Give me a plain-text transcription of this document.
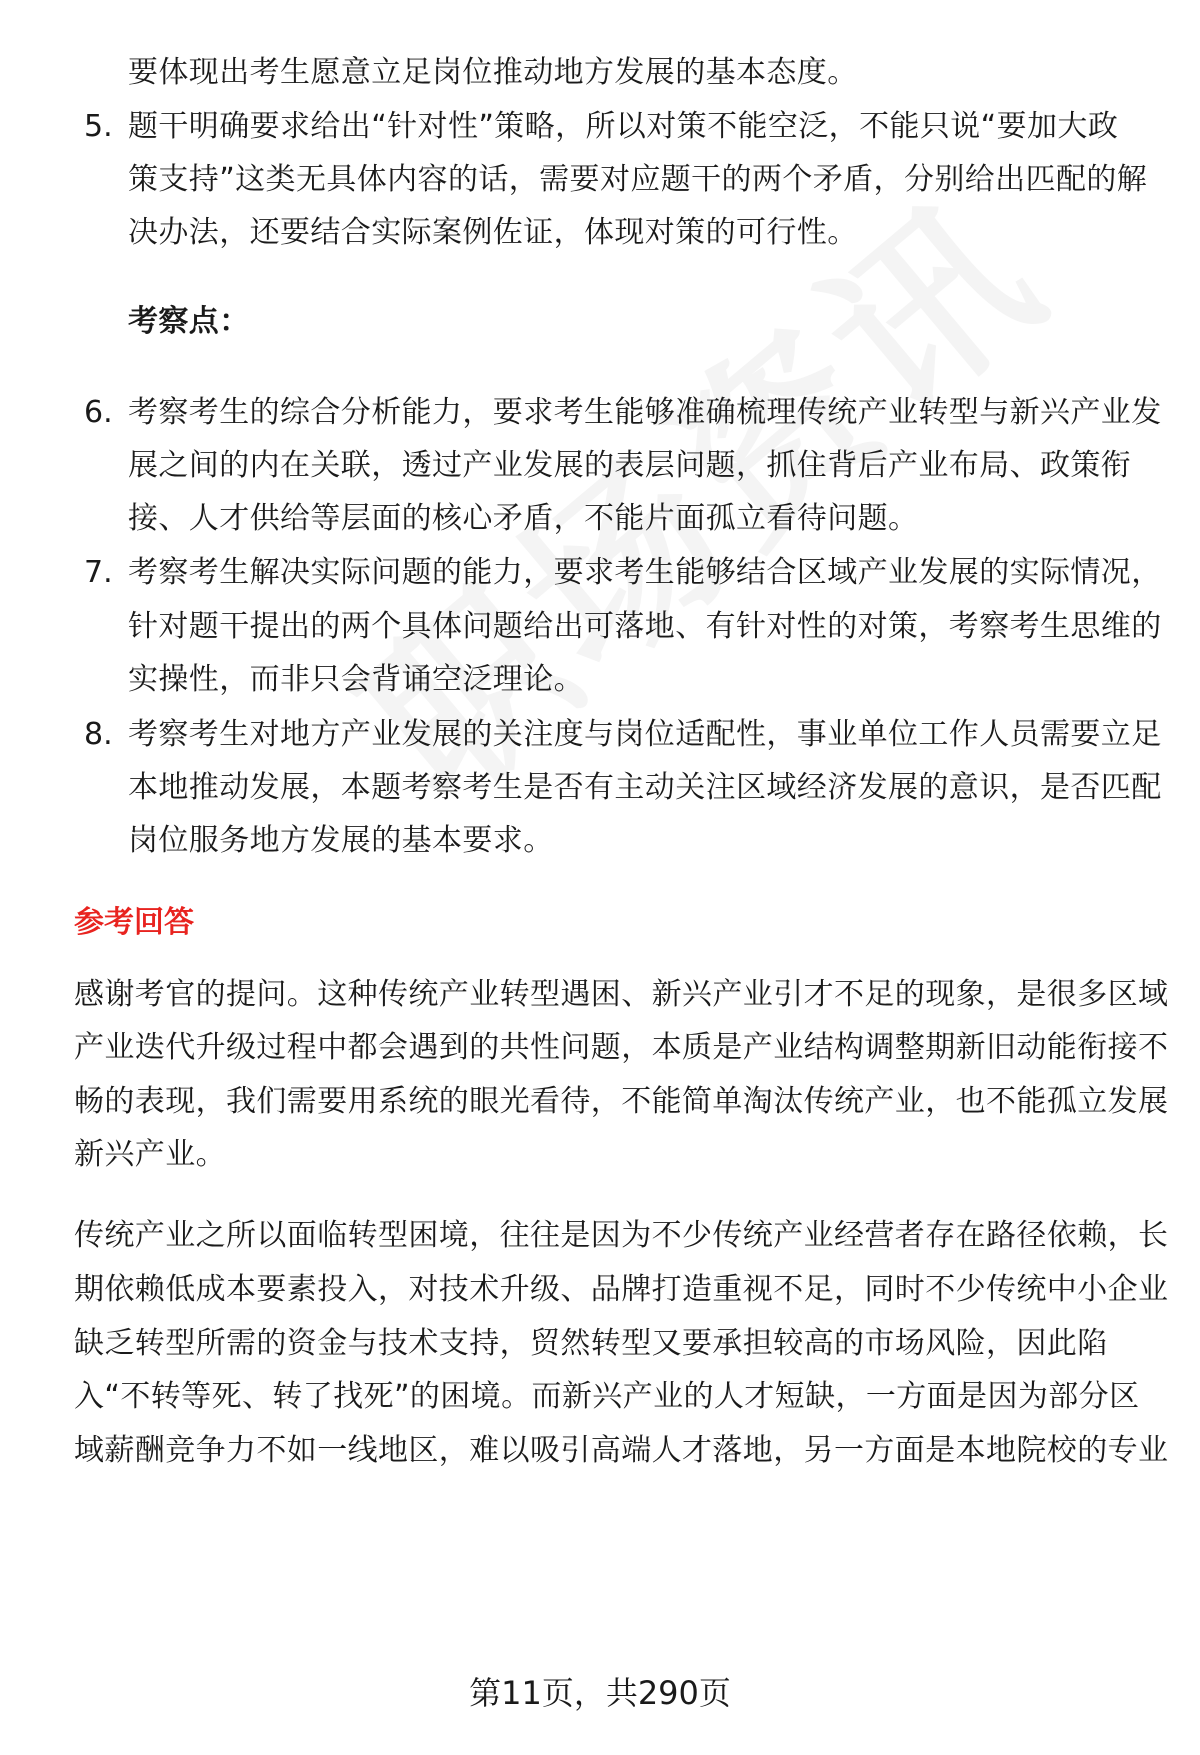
要体现出考生愿意立足岗位推动地方发展的基本态度。
5. 题干明确要求给出“针对性”策略，所以对策不能空泛，不能只说“要加大政
策支持”这类无具体内容的话，需要对应题干的两个矛盾，分别给出匹配的解
决办法，还要结合实际案例佐证，体现对策的可行性。
考察点：
6. 考察考生的综合分析能力，要求考生能够准确梳理传统产业转型与新兴产业发
展之间的内在关联，透过产业发展的表层问题，抓住背后产业布局、政策衔
接、人才供给等层面的核心矛盾，不能片面孤立看待问题。
7. 考察考生解决实际问题的能力，要求考生能够结合区域产业发展的实际情况，
针对题干提出的两个具体问题给出可落地、有针对性的对策，考察考生思维的
实操性，而非只会背诵空泛理论。
8. 考察考生对地方产业发展的关注度与岗位适配性，事业单位工作人员需要立足
本地推动发展，本题考察考生是否有主动关注区域经济发展的意识，是否匹配
岗位服务地方发展的基本要求。
参考回答
感谢考官的提问。这种传统产业转型遇困、新兴产业引才不足的现象，是很多区域
产业迭代升级过程中都会遇到的共性问题，本质是产业结构调整期新旧动能衔接不
畅的表现，我们需要用系统的眼光看待，不能简单淘汰传统产业，也不能孤立发展
新兴产业。
传统产业之所以面临转型困境，往往是因为不少传统产业经营者存在路径依赖，长
期依赖低成本要素投入，对技术升级、品牌打造重视不足，同时不少传统中小企业
缺乏转型所需的资金与技术支持，贸然转型又要承担较高的市场风险，因此陷
入“不转等死、转了找死”的困境。而新兴产业的人才短缺，一方面是因为部分区
域薪酬竞争力不如一线地区，难以吸引高端人才落地，另一方面是本地院校的专业
第11页，共290页
